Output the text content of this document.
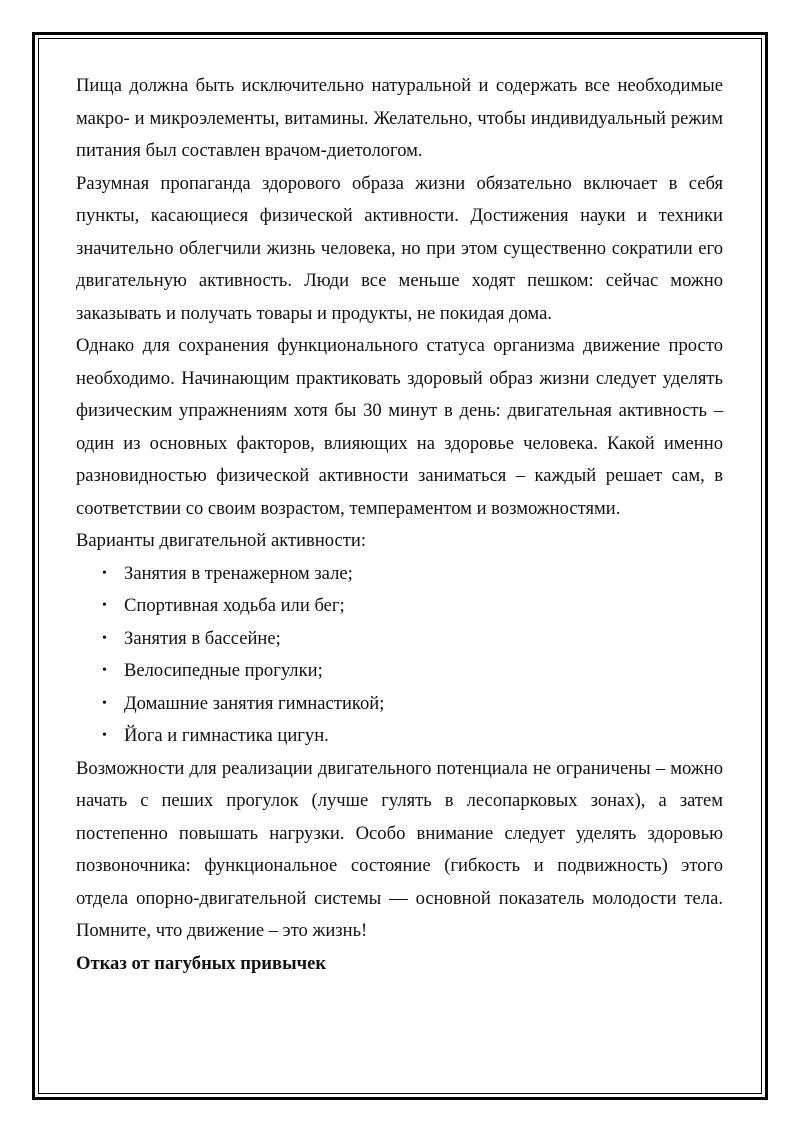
Пища должна быть исключительно натуральной и содержать все необходимые макро- и микроэлементы, витамины. Желательно, чтобы индивидуальный режим питания был составлен врачом-диетологом.

Разумная пропаганда здорового образа жизни обязательно включает в себя пункты, касающиеся физической активности. Достижения науки и техники значительно облегчили жизнь человека, но при этом существенно сократили его двигательную активность. Люди все меньше ходят пешком: сейчас можно заказывать и получать товары и продукты, не покидая дома.

Однако для сохранения функционального статуса организма движение просто необходимо. Начинающим практиковать здоровый образ жизни следует уделять физическим упражнениям хотя бы 30 минут в день: двигательная активность – один из основных факторов, влияющих на здоровье человека. Какой именно разновидностью физической активности заниматься – каждый решает сам, в соответствии со своим возрастом, темпераментом и возможностями.

Варианты двигательной активности:

• Занятия в тренажерном зале;
• Спортивная ходьба или бег;
• Занятия в бассейне;
• Велосипедные прогулки;
• Домашние занятия гимнастикой;
• Йога и гимнастика цигун.

Возможности для реализации двигательного потенциала не ограничены – можно начать с пеших прогулок (лучше гулять в лесопарковых зонах), а затем постепенно повышать нагрузки. Особо внимание следует уделять здоровью позвоночника: функциональное состояние (гибкость и подвижность) этого отдела опорно-двигательной системы — основной показатель молодости тела. Помните, что движение – это жизнь!

Отказ от пагубных привычек
